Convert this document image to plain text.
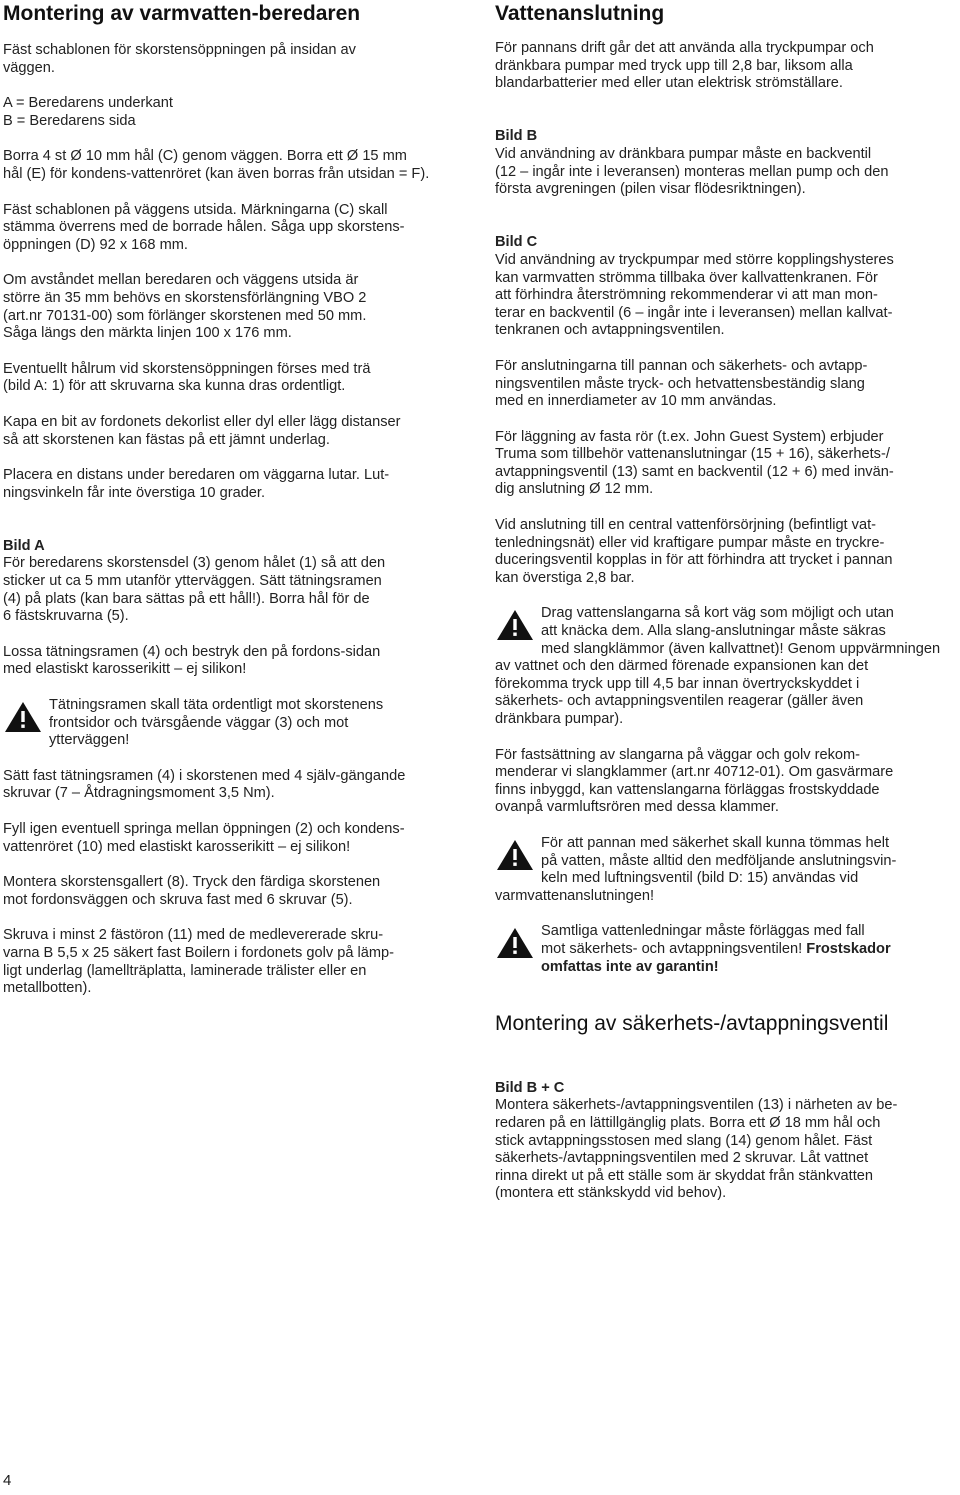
Montering av varmvatten-beredaren

Fäst schablonen för skorstensöppningen på insidan av
väggen.

A = Beredarens underkant
B = Beredarens sida

Borra 4 st Ø 10 mm hål (C) genom väggen. Borra ett Ø 15 mm
hål (E) för kondens-vattenröret (kan även borras från utsidan = F).

Fäst schablonen på väggens utsida. Märkningarna (C) skall
stämma överrens med de borrade hålen. Såga upp skorstens-
öppningen (D) 92 x 168 mm.

Om avståndet mellan beredaren och väggens utsida är
större än 35 mm behövs en skorstensförlängning VBO 2
(art.nr 70131-00) som förlänger skorstenen med 50 mm.
Såga längs den märkta linjen 100 x 176 mm.

Eventuellt hålrum vid skorstensöppningen förses med trä
(bild A: 1) för att skruvarna ska kunna dras ordentligt.

Kapa en bit av fordonets dekorlist eller dyl eller lägg distanser
så att skorstenen kan fästas på ett jämnt underlag.

Placera en distans under beredaren om väggarna lutar. Lut-
ningsvinkeln får inte överstiga 10 grader.

Bild A
För beredarens skorstensdel (3) genom hålet (1) så att den
sticker ut ca 5 mm utanför ytterväggen. Sätt tätningsramen
(4) på plats (kan bara sättas på ett håll!). Borra hål för de
6 fästskruvarna (5).

Lossa tätningsramen (4) och bestryk den på fordons-sidan
med elastiskt karosserikitt – ej silikon!

Tätningsramen skall täta ordentligt mot skorstenens
frontsidor och tvärsgående väggar (3) och mot
ytterväggen!

Sätt fast tätningsramen (4) i skorstenen med 4 själv-gängande
skruvar (7 – Åtdragningsmoment 3,5 Nm).

Fyll igen eventuell springa mellan öppningen (2) och kondens-
vattenröret (10) med elastiskt karosserikitt – ej silikon!

Montera skorstensgallert (8). Tryck den färdiga skorstenen
mot fordonsväggen och skruva fast med 6 skruvar (5).

Skruva i minst 2 fästöron (11) med de medlevererade skru-
varna B 5,5 x 25 säkert fast Boilern i fordonets golv på lämp-
ligt underlag (lamellträplatta, laminerade trälister eller en
metallbotten).

Vattenanslutning

För pannans drift går det att använda alla tryckpumpar och
dränkbara pumpar med tryck upp till 2,8 bar, liksom alla
blandarbatterier med eller utan elektrisk strömställare.

Bild B
Vid användning av dränkbara pumpar måste en backventil
(12 – ingår inte i leveransen) monteras mellan pump och den
första avgreningen (pilen visar flödesriktningen).

Bild C
Vid användning av tryckpumpar med större kopplingshysteres
kan varmvatten strömma tillbaka över kallvattenkranen. För
att förhindra återströmning rekommenderar vi att man mon-
terar en backventil (6 – ingår inte i leveransen) mellan kallvat-
tenkranen och avtappningsventilen.

För anslutningarna till pannan och säkerhets- och avtapp-
ningsventilen måste tryck- och hetvattensbeständig slang
med en innerdiameter av 10 mm användas.

För läggning av fasta rör (t.ex. John Guest System) erbjuder
Truma som tillbehör vattenanslutningar (15 + 16), säkerhets-/
avtappningsventil (13) samt en backventil (12 + 6) med invän-
dig anslutning Ø 12 mm.

Vid anslutning till en central vattenförsörjning (befintligt vat-
tenledningsnät) eller vid kraftigare pumpar måste en tryckre-
duceringsventil kopplas in för att förhindra att trycket i pannan
kan överstiga 2,8 bar.

Drag vattenslangarna så kort väg som möjligt och utan
att knäcka dem. Alla slang-anslutningar måste säkras
med slangklämmor (även kallvattnet)! Genom uppvärmningen
av vattnet och den därmed förenade expansionen kan det
förekomma tryck upp till 4,5 bar innan övertryckskyddet i
säkerhets- och avtappningsventilen reagerar (gäller även
dränkbara pumpar).

För fastsättning av slangarna på väggar och golv rekom-
menderar vi slangklammer (art.nr 40712-01). Om gasvärmare
finns inbyggd, kan vattenslangarna förläggas frostskyddade
ovanpå varmluftsrören med dessa klammer.

För att pannan med säkerhet skall kunna tömmas helt
på vatten, måste alltid den medföljande anslutningsvin-
keln med luftningsventil (bild D: 15) användas vid
varmvattenanslutningen!

Samtliga vattenledningar måste förläggas med fall
mot säkerhets- och avtappningsventilen! Frostskador
omfattas inte av garantin!

Montering av säkerhets-/avtappningsventil

Bild B + C
Montera säkerhets-/avtappningsventilen (13) i närheten av be-
redaren på en lättillgänglig plats. Borra ett Ø 18 mm hål och
stick avtappningsstosen med slang (14) genom hålet. Fäst
säkerhets-/avtappningsventilen med 2 skruvar. Låt vattnet
rinna direkt ut på ett ställe som är skyddat från stänkvatten
(montera ett stänkskydd vid behov).

4
